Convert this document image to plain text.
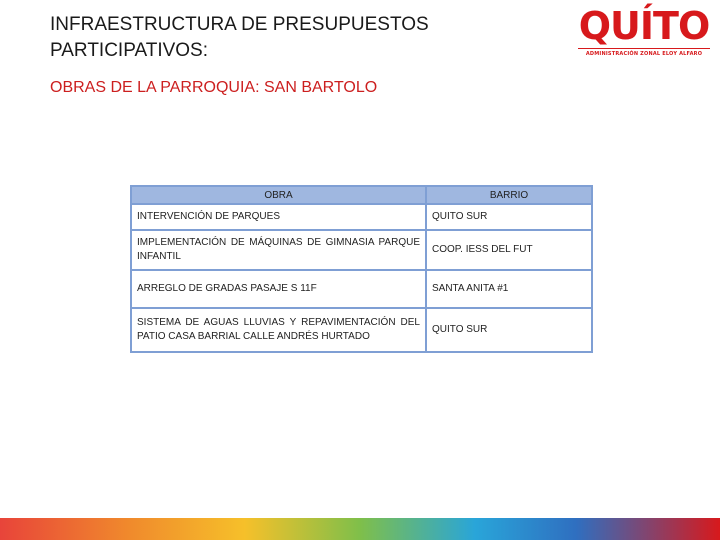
INFRAESTRUCTURA DE PRESUPUESTOS
PARTICIPATIVOS:
OBRAS DE LA PARROQUIA: SAN BARTOLO
QUÍTO
ADMINISTRACIÓN ZONAL ELOY ALFARO
OBRA	BARRIO
INTERVENCIÓN DE PARQUES	QUITO SUR
IMPLEMENTACIÓN DE MÁQUINAS DE GIMNASIA PARQUE INFANTIL	COOP. IESS DEL FUT
ARREGLO DE GRADAS PASAJE S 11F	SANTA ANITA #1
SISTEMA DE AGUAS LLUVIAS Y REPAVIMENTACIÓN DEL PATIO CASA BARRIAL CALLE ANDRÉS HURTADO	QUITO SUR
